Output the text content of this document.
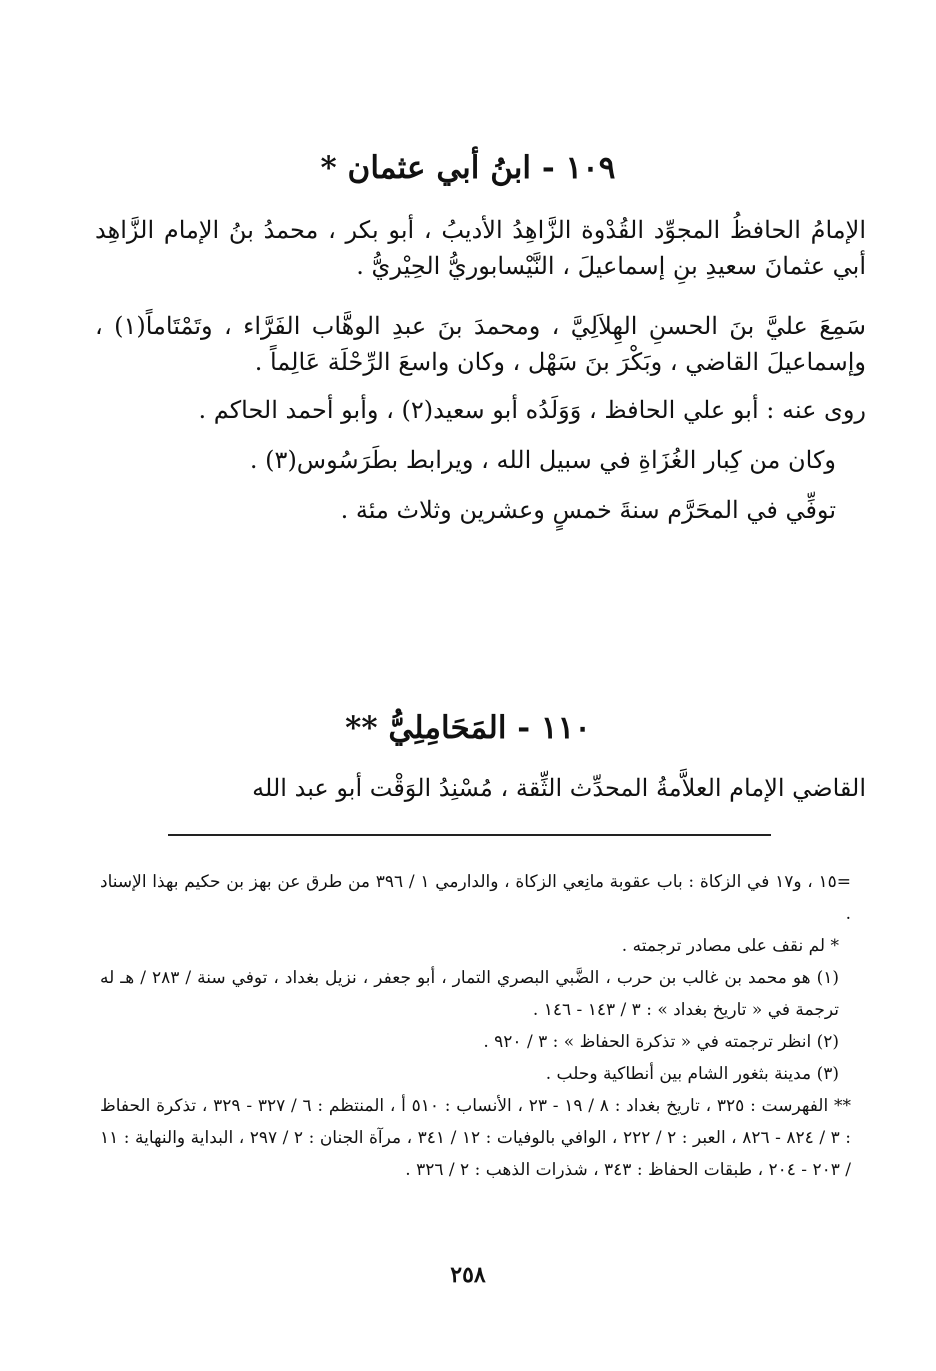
١٠٩ - ابنُ أبي عثمان *

الإمامُ الحافظُ المجوِّد القُدْوة الزَّاهِدُ الأديبُ ، أبو بكر ، محمدُ بنُ الإمام الزَّاهِد أبي عثمانَ سعيدِ بنِ إسماعيلَ ، النَّيْسابوريُّ الحِيْريُّ .

سَمِعَ عليَّ بنَ الحسنِ الهِلاَلِيَّ ، ومحمدَ بنَ عبدِ الوهَّاب الفَرَّاء ، وتَمْتَاماً(١) ، وإسماعيلَ القاضي ، وبَكْرَ بنَ سَهْل ، وكان واسعَ الرِّحْلَة عَالِماً .

روى عنه : أبو علي الحافظ ، وَوَلَدُه أبو سعيد(٢) ، وأبو أحمد الحاكم .

وكان من كِبار الغُزَاةِ في سبيل الله ، ويرابط بطَرَسُوس(٣) .

توفِّي في المحَرَّم سنةَ خمسٍ وعشرين وثلاث مئة .

١١٠ - المَحَامِلِيُّ **

القاضي الإمام العلاَّمةُ المحدِّث الثِّقة ، مُسْنِدُ الوَقْت أبو عبد الله

=١٥ ، و١٧ في الزكاة : باب عقوبة مانِعي الزكاة ، والدارمي ١ / ٣٩٦ من طرق عن بهز بن حكيم بهذا الإسناد .

* لم نقف على مصادر ترجمته .

(١) هو محمد بن غالب بن حرب ، الضَّبي البصري التمار ، أبو جعفر ، نزيل بغداد ، توفي سنة / ٢٨٣ / هـ له ترجمة في « تاريخ بغداد » : ٣ / ١٤٣ - ١٤٦ .

(٢) انظر ترجمته في « تذكرة الحفاظ » : ٣ / ٩٢٠ .

(٣) مدينة بثغور الشام بين أنطاكية وحلب .

** الفهرست : ٣٢٥ ، تاريخ بغداد : ٨ / ١٩ - ٢٣ ، الأنساب : ٥١٠ أ ، المنتظم : ٦ / ٣٢٧ - ٣٢٩ ، تذكرة الحفاظ : ٣ / ٨٢٤ - ٨٢٦ ، العبر : ٢ / ٢٢٢ ، الوافي بالوفيات : ١٢ / ٣٤١ ، مرآة الجنان : ٢ / ٢٩٧ ، البداية والنهاية : ١١ / ٢٠٣ - ٢٠٤ ، طبقات الحفاظ : ٣٤٣ ، شذرات الذهب : ٢ / ٣٢٦ .

٢٥٨
